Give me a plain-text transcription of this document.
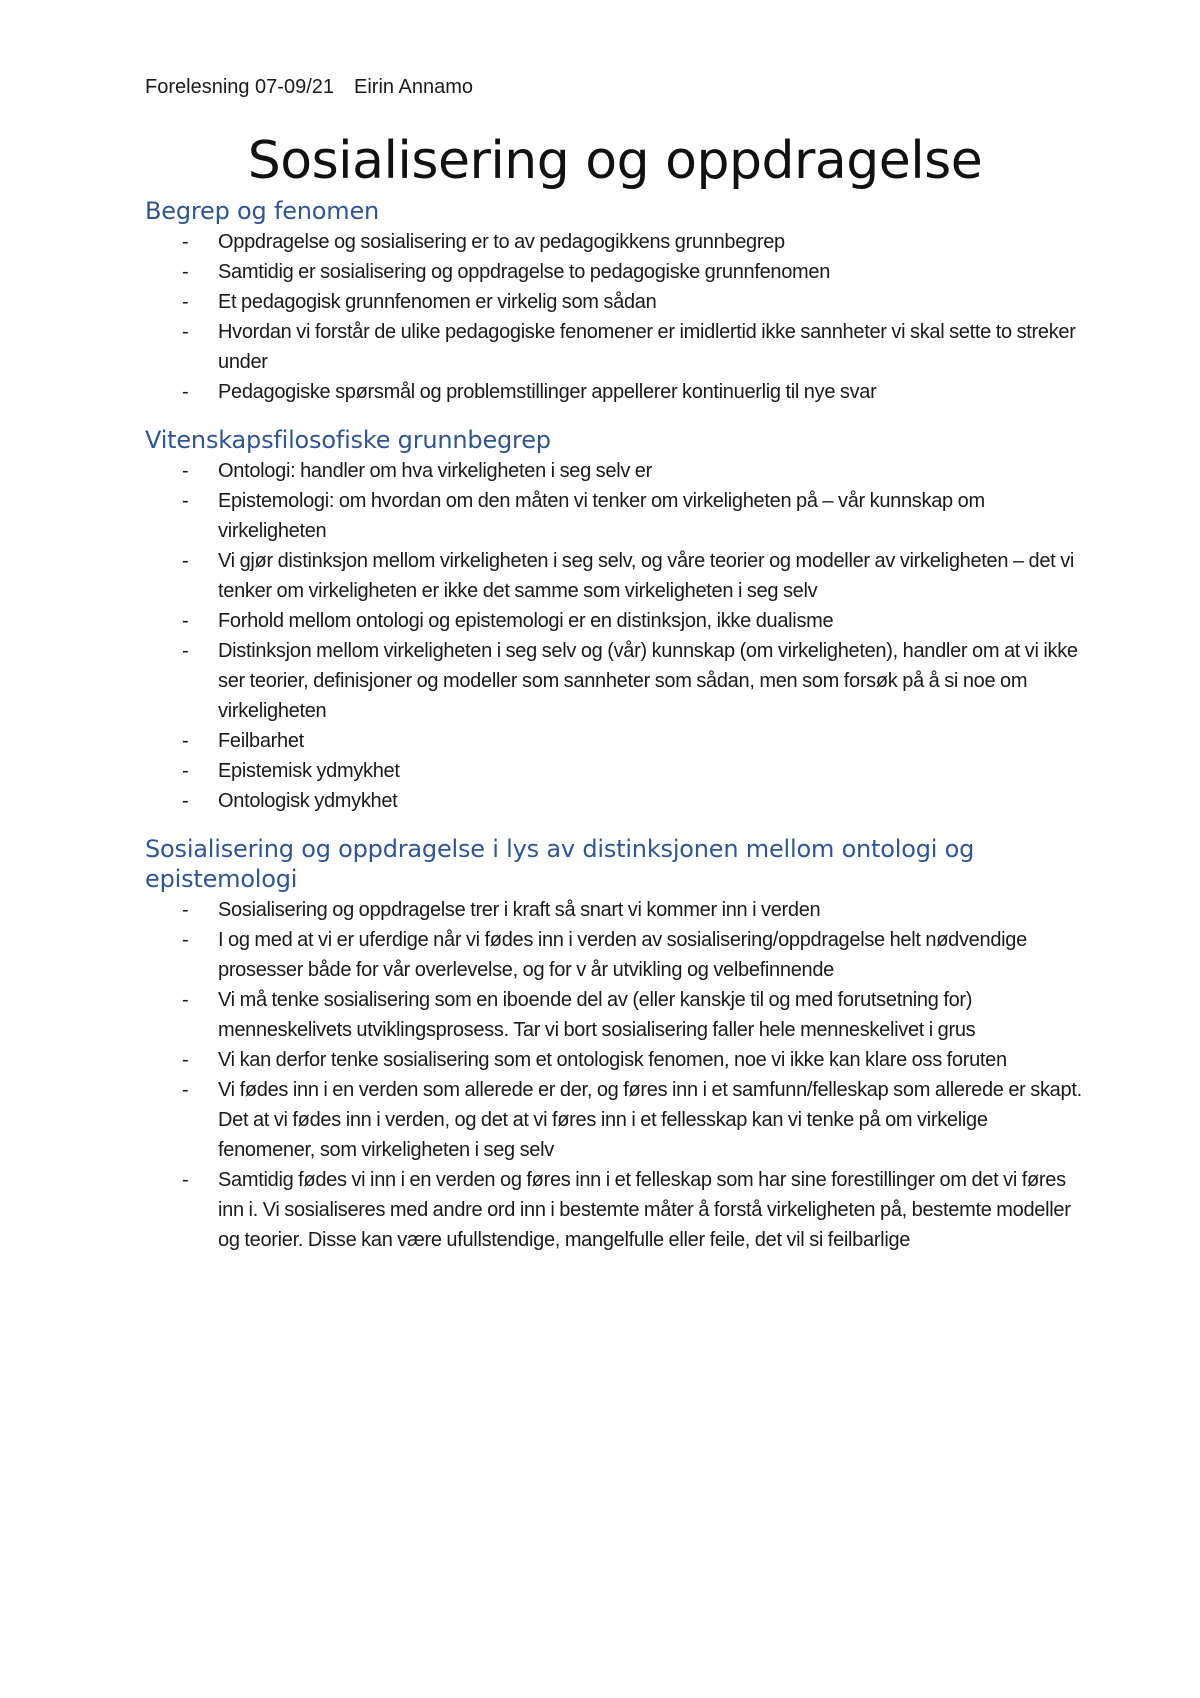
Forelesning 07-09/21 Eirin Annamo
Sosialisering og oppdragelse
Begrep og fenomen
- Oppdragelse og sosialisering er to av pedagogikkens grunnbegrep
- Samtidig er sosialisering og oppdragelse to pedagogiske grunnfenomen
- Et pedagogisk grunnfenomen er virkelig som sådan
- Hvordan vi forstår de ulike pedagogiske fenomener er imidlertid ikke sannheter vi skal sette to streker under
- Pedagogiske spørsmål og problemstillinger appellerer kontinuerlig til nye svar
Vitenskapsfilosofiske grunnbegrep
- Ontologi: handler om hva virkeligheten i seg selv er
- Epistemologi: om hvordan om den måten vi tenker om virkeligheten på – vår kunnskap om virkeligheten
- Vi gjør distinksjon mellom virkeligheten i seg selv, og våre teorier og modeller av virkeligheten – det vi tenker om virkeligheten er ikke det samme som virkeligheten i seg selv
- Forhold mellom ontologi og epistemologi er en distinksjon, ikke dualisme
- Distinksjon mellom virkeligheten i seg selv og (vår) kunnskap (om virkeligheten), handler om at vi ikke ser teorier, definisjoner og modeller som sannheter som sådan, men som forsøk på å si noe om virkeligheten
- Feilbarhet
- Epistemisk ydmykhet
- Ontologisk ydmykhet
Sosialisering og oppdragelse i lys av distinksjonen mellom ontologi og epistemologi
- Sosialisering og oppdragelse trer i kraft så snart vi kommer inn i verden
- I og med at vi er uferdige når vi fødes inn i verden av sosialisering/oppdragelse helt nødvendige prosesser både for vår overlevelse, og for v år utvikling og velbefinnende
- Vi må tenke sosialisering som en iboende del av (eller kanskje til og med forutsetning for) menneskelivets utviklingsprosess. Tar vi bort sosialisering faller hele menneskelivet i grus
- Vi kan derfor tenke sosialisering som et ontologisk fenomen, noe vi ikke kan klare oss foruten
- Vi fødes inn i en verden som allerede er der, og føres inn i et samfunn/felleskap som allerede er skapt. Det at vi fødes inn i verden, og det at vi føres inn i et fellesskap kan vi tenke på om virkelige fenomener, som virkeligheten i seg selv
- Samtidig fødes vi inn i en verden og føres inn i et felleskap som har sine forestillinger om det vi føres inn i. Vi sosialiseres med andre ord inn i bestemte måter å forstå virkeligheten på, bestemte modeller og teorier. Disse kan være ufullstendige, mangelfulle eller feile, det vil si feilbarlige
